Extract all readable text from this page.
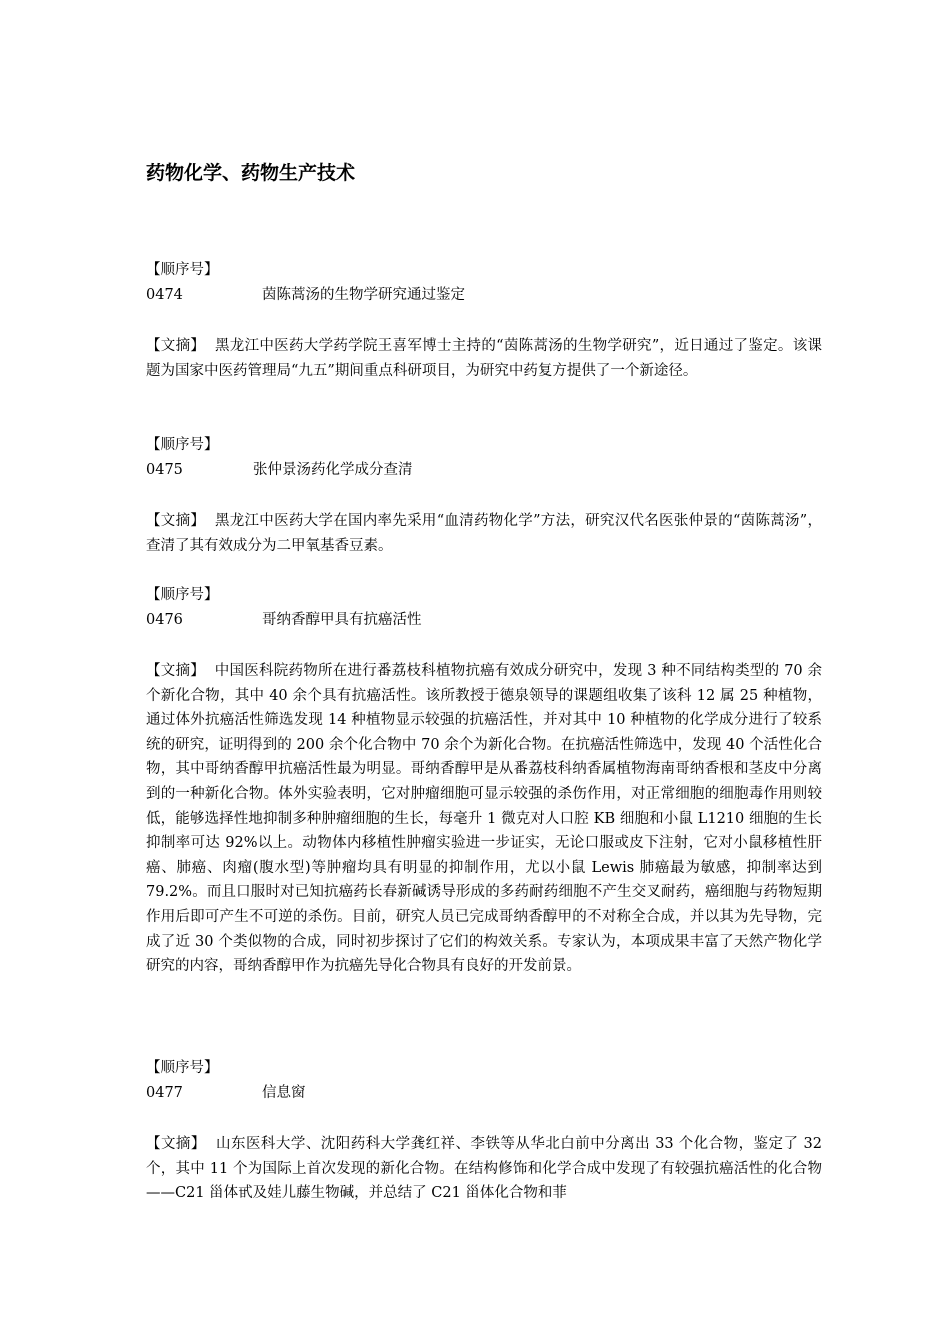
药物化学、药物生产技术

【顺序号】

0474	茵陈蒿汤的生物学研究通过鉴定

【文摘】 黑龙江中医药大学药学院王喜军博士主持的“茵陈蒿汤的生物学研究”，近日通过了鉴定。该课题为国家中医药管理局“九五”期间重点科研项目，为研究中药复方提供了一个新途径。

【顺序号】

0475	张仲景汤药化学成分查清

【文摘】 黑龙江中医药大学在国内率先采用“血清药物化学”方法，研究汉代名医张仲景的“茵陈蒿汤”，查清了其有效成分为二甲氧基香豆素。

【顺序号】

0476	哥纳香醇甲具有抗癌活性

【文摘】 中国医科院药物所在进行番荔枝科植物抗癌有效成分研究中，发现 3 种不同结构类型的 70 余个新化合物，其中 40 余个具有抗癌活性。该所教授于德泉领导的课题组收集了该科 12 属 25 种植物，通过体外抗癌活性筛选发现 14 种植物显示较强的抗癌活性，并对其中 10 种植物的化学成分进行了较系统的研究，证明得到的 200 余个化合物中 70 余个为新化合物。在抗癌活性筛选中，发现 40 个活性化合物，其中哥纳香醇甲抗癌活性最为明显。哥纳香醇甲是从番荔枝科纳香属植物海南哥纳香根和茎皮中分离到的一种新化合物。体外实验表明，它对肿瘤细胞可显示较强的杀伤作用，对正常细胞的细胞毒作用则较低，能够选择性地抑制多种肿瘤细胞的生长，每毫升 1 微克对人口腔 KB 细胞和小鼠 L1210 细胞的生长抑制率可达 92%以上。动物体内移植性肿瘤实验进一步证实，无论口服或皮下注射，它对小鼠移植性肝癌、肺癌、肉瘤(腹水型)等肿瘤均具有明显的抑制作用，尤以小鼠 Lewis 肺癌最为敏感，抑制率达到 79.2%。而且口服时对已知抗癌药长春新碱诱导形成的多药耐药细胞不产生交叉耐药，癌细胞与药物短期作用后即可产生不可逆的杀伤。目前，研究人员已完成哥纳香醇甲的不对称全合成，并以其为先导物，完成了近 30 个类似物的合成，同时初步探讨了它们的构效关系。专家认为，本项成果丰富了天然产物化学研究的内容，哥纳香醇甲作为抗癌先导化合物具有良好的开发前景。

【顺序号】

0477	信息窗

【文摘】 山东医科大学、沈阳药科大学龚红祥、李铁等从华北白前中分离出 33 个化合物，鉴定了 32 个，其中 11 个为国际上首次发现的新化合物。在结构修饰和化学合成中发现了有较强抗癌活性的化合物——C21 甾体甙及娃儿藤生物碱，并总结了 C21 甾体化合物和菲
